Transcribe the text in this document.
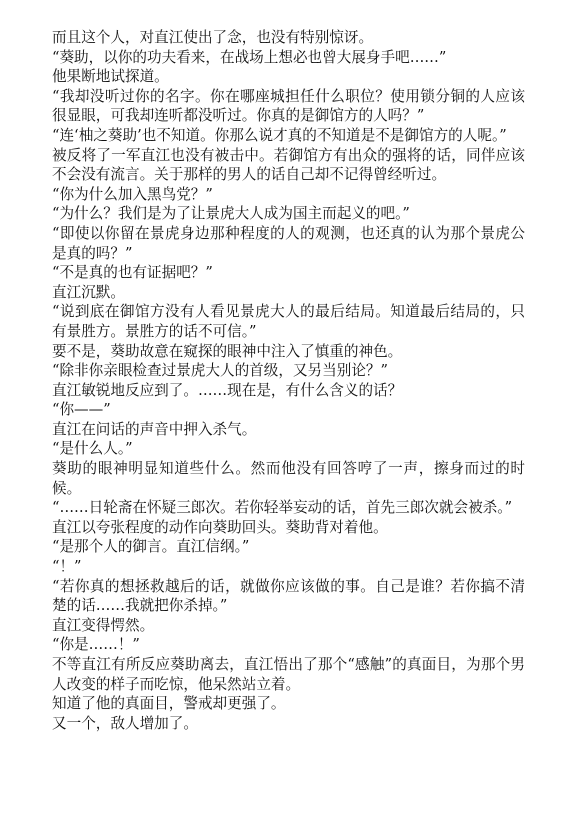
而且这个人，对直江使出了念，也没有特别惊讶。

“葵助，以你的功夫看来，在战场上想必也曾大展身手吧……”

他果断地试探道。

“我却没听过你的名字。你在哪座城担任什么职位？使用锁分铜的人应该很显眼，可我却连听都没听过。你真的是御馆方的人吗？”

“连‘柚之葵助’也不知道。你那么说才真的不知道是不是御馆方的人呢。”

被反将了一军直江也没有被击中。若御馆方有出众的强将的话，同伴应该不会没有流言。关于那样的男人的话自己却不记得曾经听过。

“你为什么加入黑鸟党？”

“为什么？我们是为了让景虎大人成为国主而起义的吧。”

“即使以你留在景虎身边那种程度的人的观测，也还真的认为那个景虎公是真的吗？”

“不是真的也有证据吧？”

直江沉默。

“说到底在御馆方没有人看见景虎大人的最后结局。知道最后结局的，只有景胜方。景胜方的话不可信。”

要不是，葵助故意在窥探的眼神中注入了慎重的神色。

“除非你亲眼检查过景虎大人的首级，又另当别论？”

直江敏锐地反应到了。……现在是，有什么含义的话？

“你——”

直江在问话的声音中押入杀气。

“是什么人。”

葵助的眼神明显知道些什么。然而他没有回答哼了一声，擦身而过的时候。

“……日轮斋在怀疑三郎次。若你轻举妄动的话，首先三郎次就会被杀。”

直江以夸张程度的动作向葵助回头。葵助背对着他。

“是那个人的御言。直江信纲。”

“！”

“若你真的想拯救越后的话，就做你应该做的事。自己是谁？若你搞不清楚的话……我就把你杀掉。”

直江变得愕然。

“你是……！”

不等直江有所反应葵助离去，直江悟出了那个“感触”的真面目，为那个男人改变的样子而吃惊，他呆然站立着。

知道了他的真面目，警戒却更强了。

又一个，敌人增加了。
